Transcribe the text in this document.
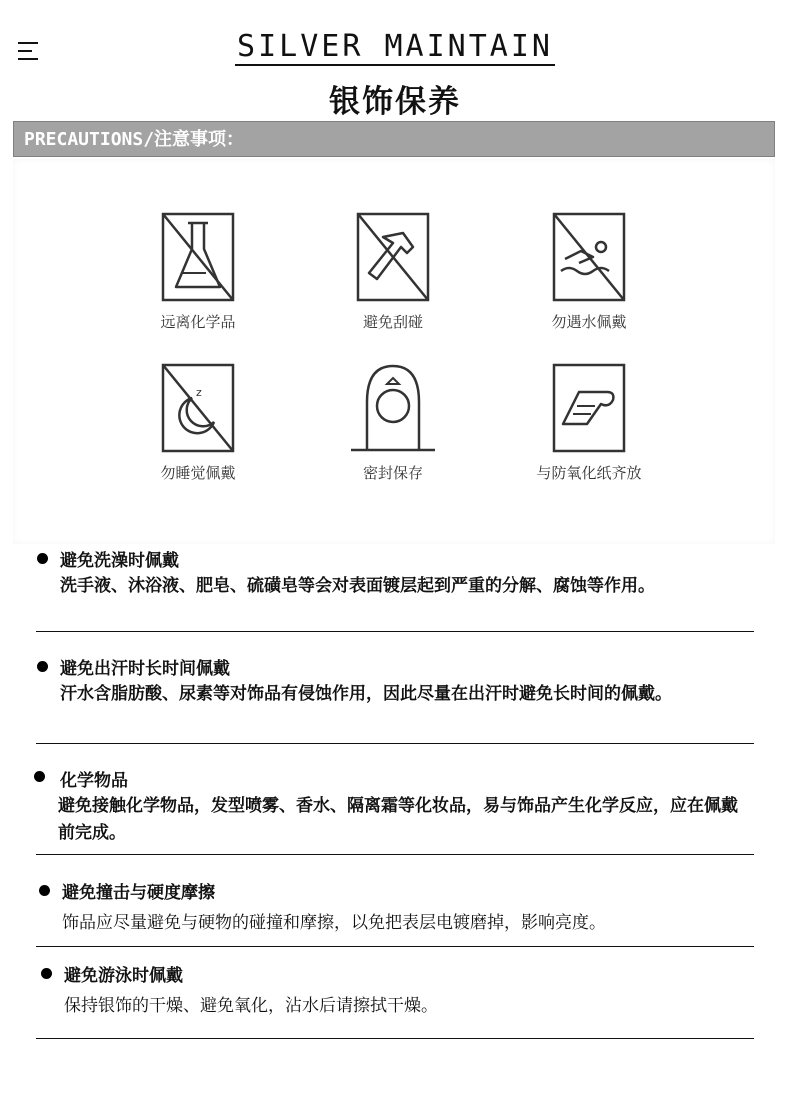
SILVER MAINTAIN
银饰保养
PRECAUTIONS/注意事项：
远离化学品	避免刮碰	勿遇水佩戴
z
勿睡觉佩戴	密封保存	与防氧化纸齐放
避免洗澡时佩戴
洗手液、沐浴液、肥皂、硫磺皂等会对表面镀层起到严重的分解、腐蚀等作用。
避免出汗时长时间佩戴
汗水含脂肪酸、尿素等对饰品有侵蚀作用，因此尽量在出汗时避免长时间的佩戴。
化学物品
避免接触化学物品，发型喷雾、香水、隔离霜等化妆品，易与饰品产生化学反应，应在佩戴前完成。
避免撞击与硬度摩擦
饰品应尽量避免与硬物的碰撞和摩擦，以免把表层电镀磨掉，影响亮度。
避免游泳时佩戴
保持银饰的干燥、避免氧化，沾水后请擦拭干燥。
